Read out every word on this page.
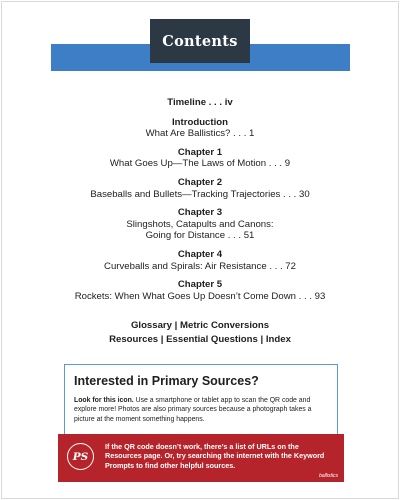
Contents
Timeline . . . iv
Introduction
What Are Ballistics? . . . 1
Chapter 1
What Goes Up—The Laws of Motion . . . 9
Chapter 2
Baseballs and Bullets—Tracking Trajectories . . . 30
Chapter 3
Slingshots, Catapults and Canons:
Going for Distance . . . 51
Chapter 4
Curveballs and Spirals: Air Resistance . . . 72
Chapter 5
Rockets: When What Goes Up Doesn’t Come Down . . . 93
Glossary | Metric Conversions
Resources | Essential Questions | Index
Interested in Primary Sources?
Look for this icon. Use a smartphone or tablet app to scan the QR code and explore more! Photos are also primary sources because a photograph takes a picture at the moment something happens.
PS
If the QR code doesn’t work, there’s a list of URLs on the Resources page. Or, try searching the internet with the Keyword Prompts to find other helpful sources.
ballistics
